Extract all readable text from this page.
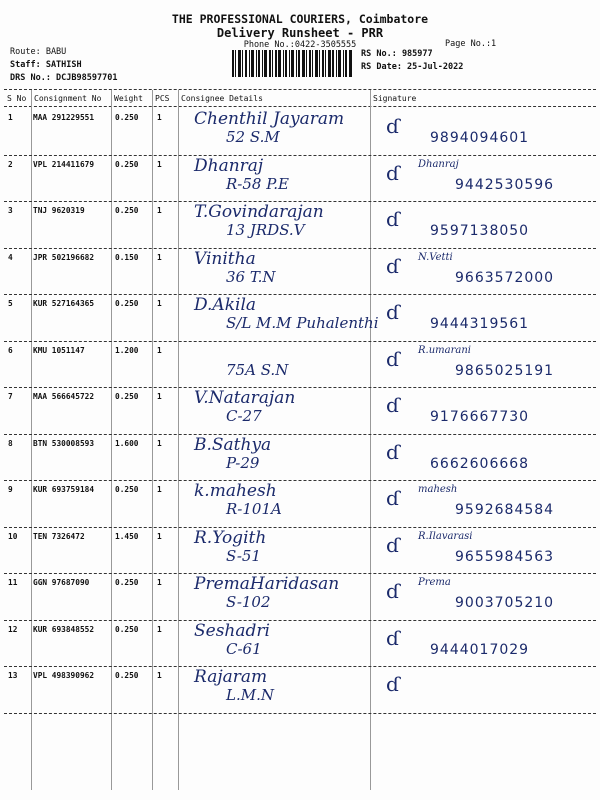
THE PROFESSIONAL COURIERS, Coimbatore
Delivery Runsheet - PRR
Phone No.:0422-3505555	Page No.:1
Route: BABU
Staff: SATHISH
DRS No.: DCJB98597701
RS No.: 985977
RS Date: 25-Jul-2022
S No Consignment No Weight PCS Consignee Details	Signature
1	MAA 291229551	0.250 1 Chenthil Jayaram
52 S.M	ɗ 9894094601
2	VPL 214411679	0.250 1 Dhanraj
R-58 P.E	ɗ Dhanraj
9442530596
3	TNJ 9620319	0.250 1 T.Govindarajan
13 JRDS.V	ɗ 9597138050
4	JPR 502196682	0.150 1 Vinitha
36 T.N	ɗ N.Vetti
9663572000
5	KUR 527164365	0.250 1 D.Akila
S/L M.M Puhalenthi ɗ 9444319561
6	KMU 1051147	1.200 1
75A S.N	ɗ R.umarani
9865025191
7	MAA 566645722	0.250 1 V.Natarajan
C-27	ɗ 9176667730
8	BTN 530008593	1.600 1 B.Sathya
P-29	ɗ 6662606668
9	KUR 693759184	0.250 1 k.mahesh
R-101A	ɗ mahesh
9592684584
10 TEN 7326472	1.450 1 R.Yogith
S-51	ɗ R.Ilavarasi
9655984563
11 GGN 97687090	0.250 1 PremaHaridasan
S-102	ɗ Prema
9003705210
12 KUR 693848552	0.250 1 Seshadri
C-61	ɗ 9444017029
13 VPL 498390962	0.250 1 Rajaram
L.M.N	ɗ
